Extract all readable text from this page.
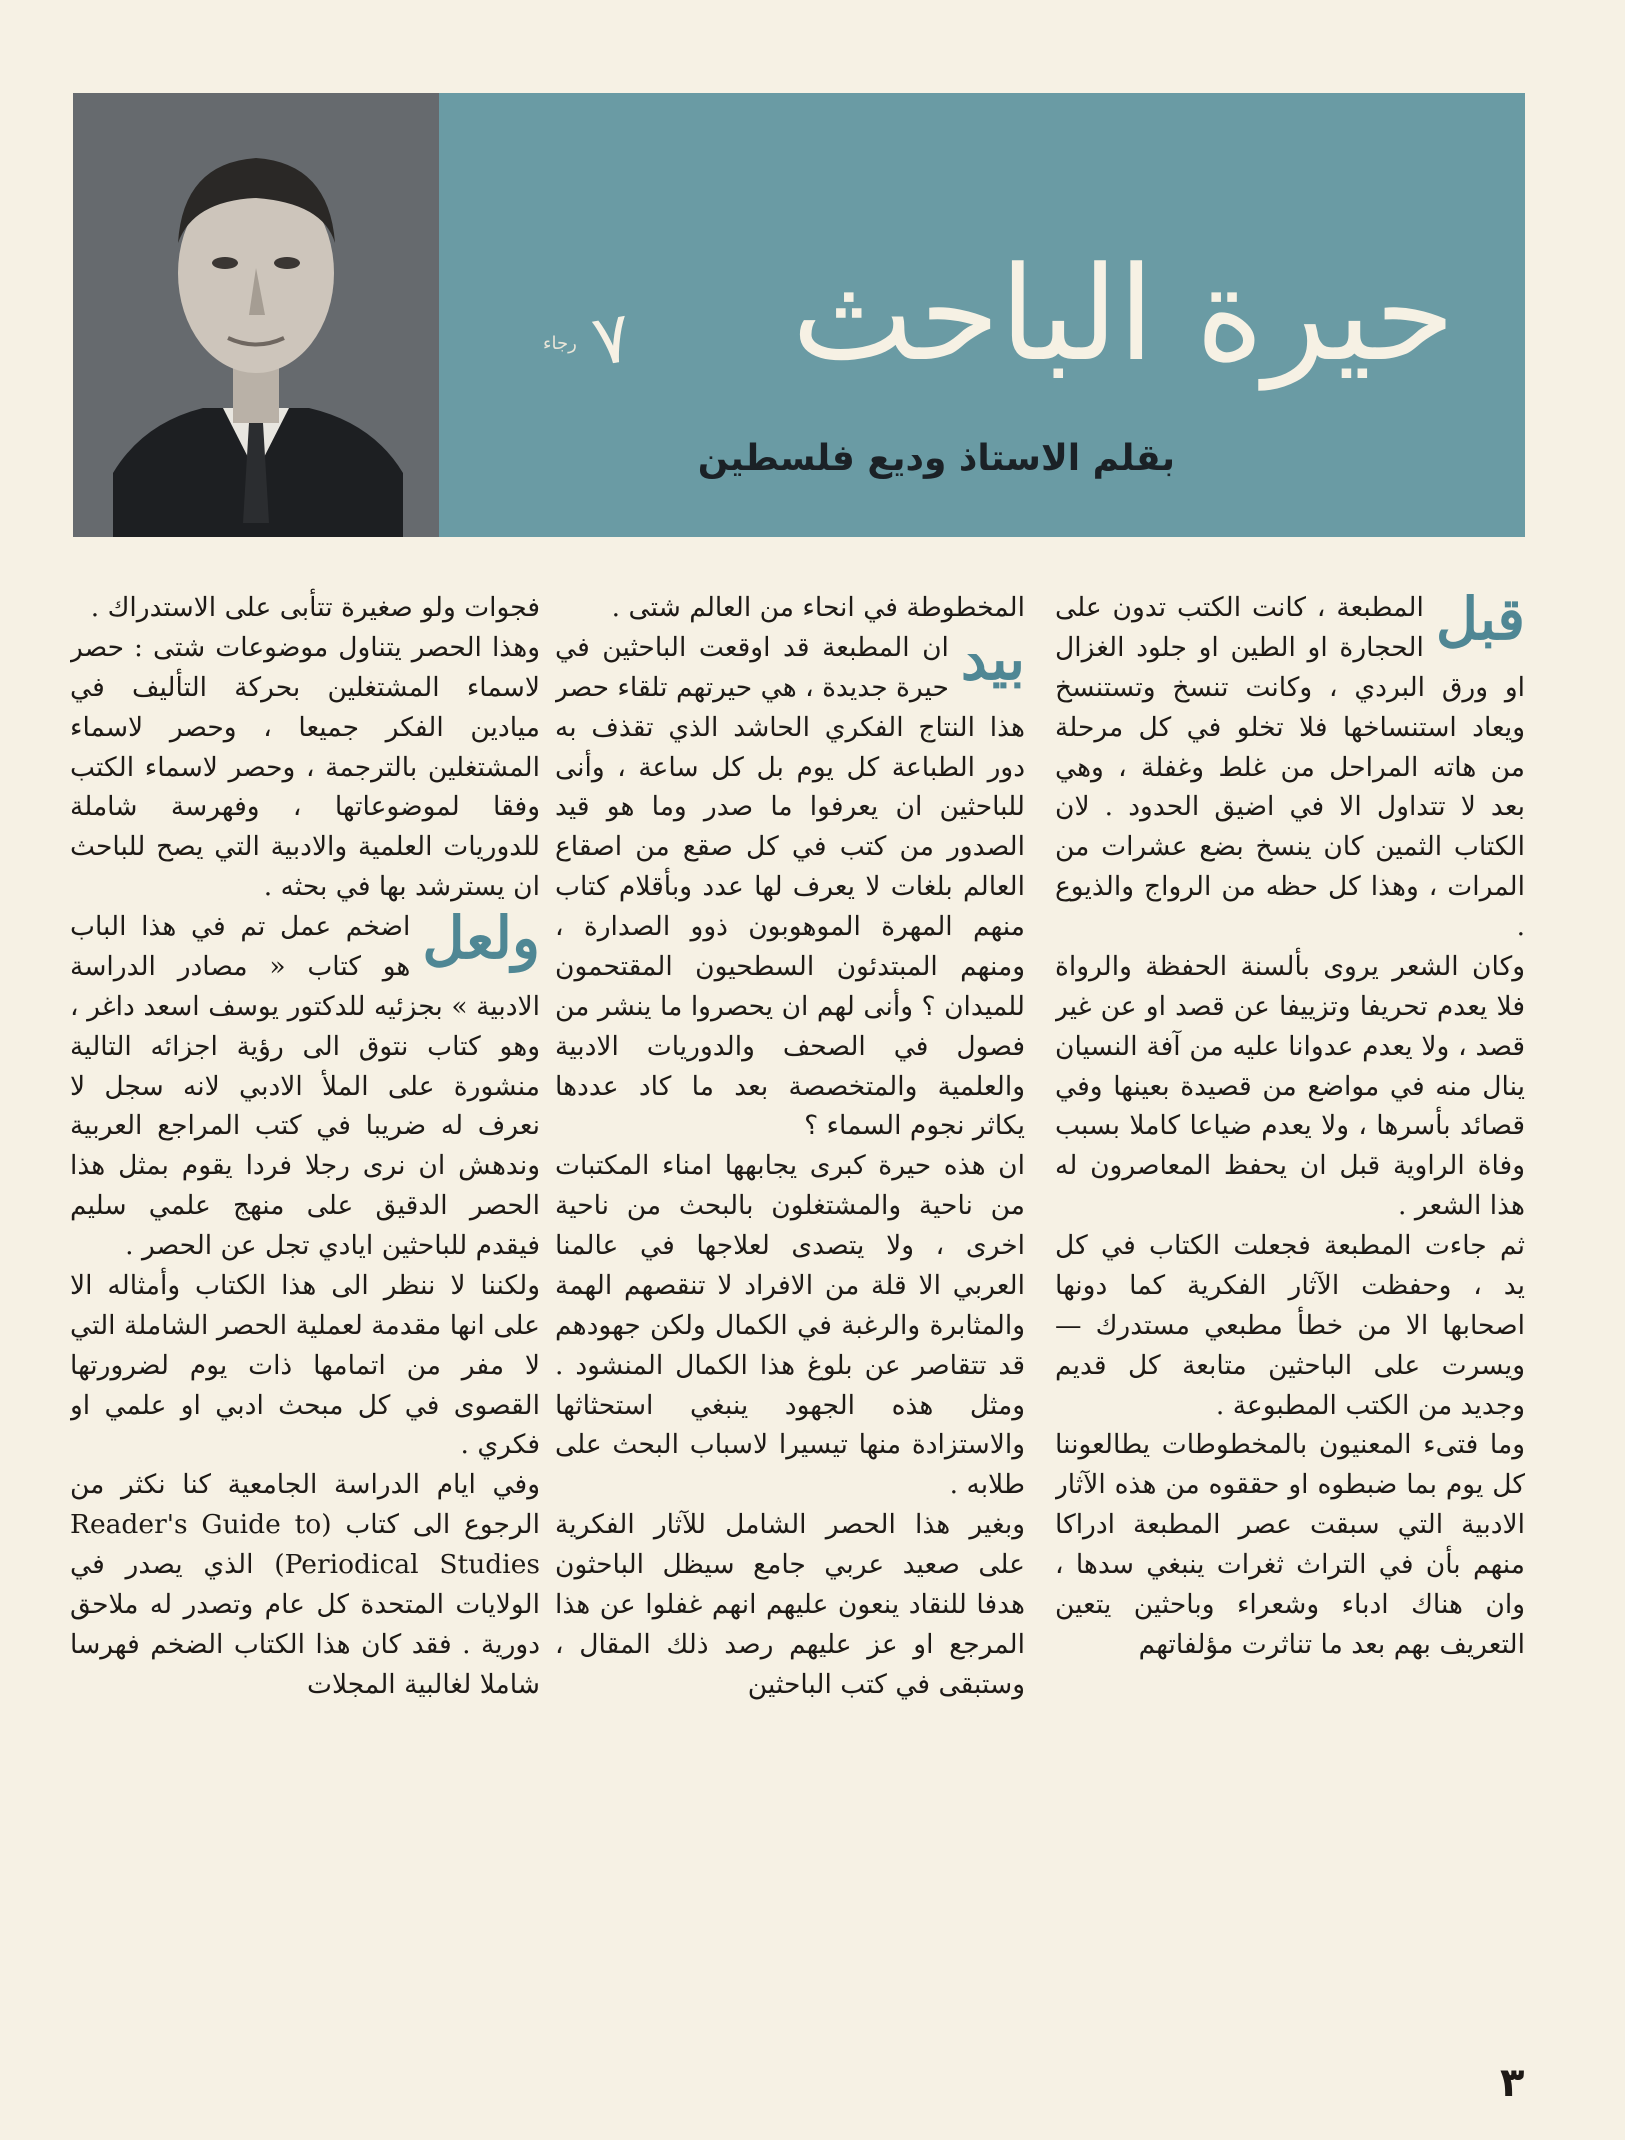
حيرة الباحث
٧
رجاء
بقلم الاستاذ وديع فلسطين

قبل
المطبعة ، كانت الكتب تدون على الحجارة او الطين او جلود الغزال او ورق البردي ، وكانت تنسخ وتستنسخ ويعاد استنساخها فلا تخلو في كل مرحلة من هاته المراحل من غلط وغفلة ، وهي بعد لا تتداول الا في اضيق الحدود . لان الكتاب الثمين كان ينسخ بضع عشرات من المرات ، وهذا كل حظه من الرواج والذيوع .

وكان الشعر يروى بألسنة الحفظة والرواة فلا يعدم تحريفا وتزييفا عن قصد او عن غير قصد ، ولا يعدم عدوانا عليه من آفة النسيان ينال منه في مواضع من قصيدة بعينها وفي قصائد بأسرها ، ولا يعدم ضياعا كاملا بسبب وفاة الراوية قبل ان يحفظ المعاصرون له هذا الشعر .

ثم جاءت المطبعة فجعلت الكتاب في كل يد ، وحفظت الآثار الفكرية كما دونها اصحابها الا من خطأ مطبعي مستدرك — ويسرت على الباحثين متابعة كل قديم وجديد من الكتب المطبوعة .

وما فتىء المعنيون بالمخطوطات يطالعوننا كل يوم بما ضبطوه او حققوه من هذه الآثار الادبية التي سبقت عصر المطبعة ادراكا منهم بأن في التراث ثغرات ينبغي سدها ، وان هناك ادباء وشعراء وباحثين يتعين التعريف بهم بعد ما تناثرت مؤلفاتهم

المخطوطة في انحاء من العالم شتى .

بيد
ان المطبعة قد اوقعت الباحثين في حيرة جديدة ، هي حيرتهم تلقاء حصر هذا النتاج الفكري الحاشد الذي تقذف به دور الطباعة كل يوم بل كل ساعة ، وأنى للباحثين ان يعرفوا ما صدر وما هو قيد الصدور من كتب في كل صقع من اصقاع العالم بلغات لا يعرف لها عدد وبأقلام كتاب منهم المهرة الموهوبون ذوو الصدارة ، ومنهم المبتدئون السطحيون المقتحمون للميدان ؟ وأنى لهم ان يحصروا ما ينشر من فصول في الصحف والدوريات الادبية والعلمية والمتخصصة بعد ما كاد عددها يكاثر نجوم السماء ؟

ان هذه حيرة كبرى يجابهها امناء المكتبات من ناحية والمشتغلون بالبحث من ناحية اخرى ، ولا يتصدى لعلاجها في عالمنا العربي الا قلة من الافراد لا تنقصهم الهمة والمثابرة والرغبة في الكمال ولكن جهودهم قد تتقاصر عن بلوغ هذا الكمال المنشود . ومثل هذه الجهود ينبغي استحثاثها والاستزادة منها تيسيرا لاسباب البحث على طلابه .

وبغير هذا الحصر الشامل للآثار الفكرية على صعيد عربي جامع سيظل الباحثون هدفا للنقاد ينعون عليهم انهم غفلوا عن هذا المرجع او عز عليهم رصد ذلك المقال ، وستبقى في كتب الباحثين

فجوات ولو صغيرة تتأبى على الاستدراك .

وهذا الحصر يتناول موضوعات شتى : حصر لاسماء المشتغلين بحركة التأليف في ميادين الفكر جميعا ، وحصر لاسماء المشتغلين بالترجمة ، وحصر لاسماء الكتب وفقا لموضوعاتها ، وفهرسة شاملة للدوريات العلمية والادبية التي يصح للباحث ان يسترشد بها في بحثه .

ولعل
اضخم عمل تم في هذا الباب هو كتاب « مصادر الدراسة الادبية » بجزئيه للدكتور يوسف اسعد داغر ، وهو كتاب نتوق الى رؤية اجزائه التالية منشورة على الملأ الادبي لانه سجل لا نعرف له ضريبا في كتب المراجع العربية وندهش ان نرى رجلا فردا يقوم بمثل هذا الحصر الدقيق على منهج علمي سليم فيقدم للباحثين ايادي تجل عن الحصر .

ولكننا لا ننظر الى هذا الكتاب وأمثاله الا على انها مقدمة لعملية الحصر الشاملة التي لا مفر من اتمامها ذات يوم لضرورتها القصوى في كل مبحث ادبي او علمي او فكري .

وفي ايام الدراسة الجامعية كنا نكثر من الرجوع الى كتاب (Reader's Guide to Periodical Studies) الذي يصدر في الولايات المتحدة كل عام وتصدر له ملاحق دورية . فقد كان هذا الكتاب الضخم فهرسا شاملا لغالبية المجلات

٣
